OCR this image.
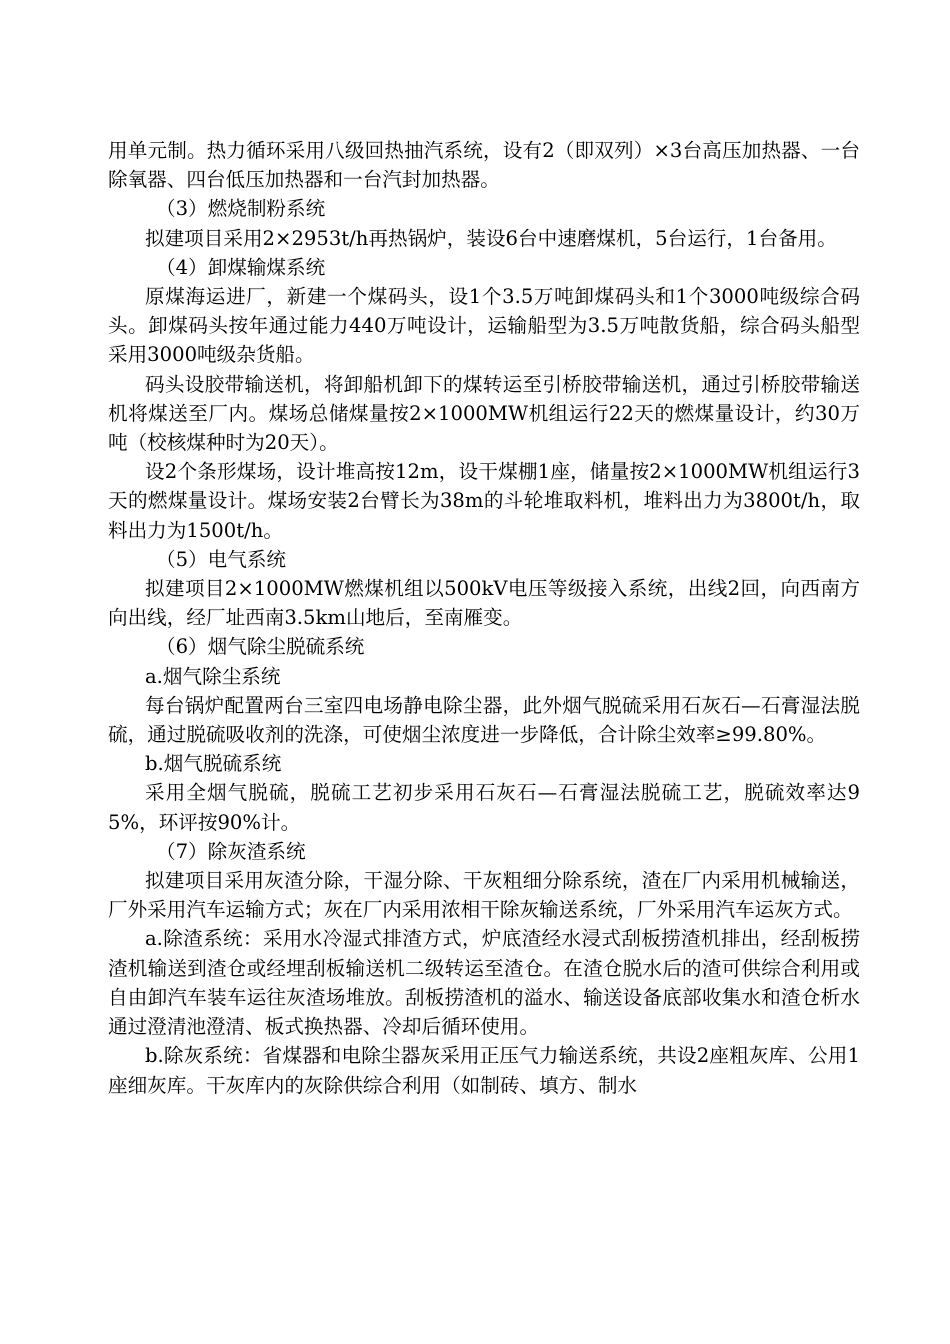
用单元制。热力循环采用八级回热抽汽系统，设有2（即双列）×3台高压加热器、一台除氧器、四台低压加热器和一台汽封加热器。

（3）燃烧制粉系统

拟建项目采用2×2953t/h再热锅炉，装设6台中速磨煤机，5台运行，1台备用。

（4）卸煤输煤系统

原煤海运进厂，新建一个煤码头，设1个3.5万吨卸煤码头和1个3000吨级综合码头。卸煤码头按年通过能力440万吨设计，运输船型为3.5万吨散货船，综合码头船型采用3000吨级杂货船。

码头设胶带输送机，将卸船机卸下的煤转运至引桥胶带输送机，通过引桥胶带输送机将煤送至厂内。煤场总储煤量按2×1000MW机组运行22天的燃煤量设计，约30万吨（校核煤种时为20天）。

设2个条形煤场，设计堆高按12m，设干煤棚1座，储量按2×1000MW机组运行3天的燃煤量设计。煤场安装2台臂长为38m的斗轮堆取料机，堆料出力为3800t/h，取料出力为1500t/h。

（5）电气系统

拟建项目2×1000MW燃煤机组以500kV电压等级接入系统，出线2回，向西南方向出线，经厂址西南3.5km山地后，至南雁变。

（6）烟气除尘脱硫系统

a.烟气除尘系统

每台锅炉配置两台三室四电场静电除尘器，此外烟气脱硫采用石灰石—石膏湿法脱硫，通过脱硫吸收剂的洗涤，可使烟尘浓度进一步降低，合计除尘效率≥99.80%。

b.烟气脱硫系统

采用全烟气脱硫，脱硫工艺初步采用石灰石—石膏湿法脱硫工艺，脱硫效率达95%，环评按90%计。

（7）除灰渣系统

拟建项目采用灰渣分除，干湿分除、干灰粗细分除系统，渣在厂内采用机械输送，厂外采用汽车运输方式；灰在厂内采用浓相干除灰输送系统，厂外采用汽车运灰方式。

a.除渣系统：采用水冷湿式排渣方式，炉底渣经水浸式刮板捞渣机排出，经刮板捞渣机输送到渣仓或经埋刮板输送机二级转运至渣仓。在渣仓脱水后的渣可供综合利用或自由卸汽车装车运往灰渣场堆放。刮板捞渣机的溢水、输送设备底部收集水和渣仓析水通过澄清池澄清、板式换热器、冷却后循环使用。

b.除灰系统：省煤器和电除尘器灰采用正压气力输送系统，共设2座粗灰库、公用1座细灰库。干灰库内的灰除供综合利用（如制砖、填方、制水
